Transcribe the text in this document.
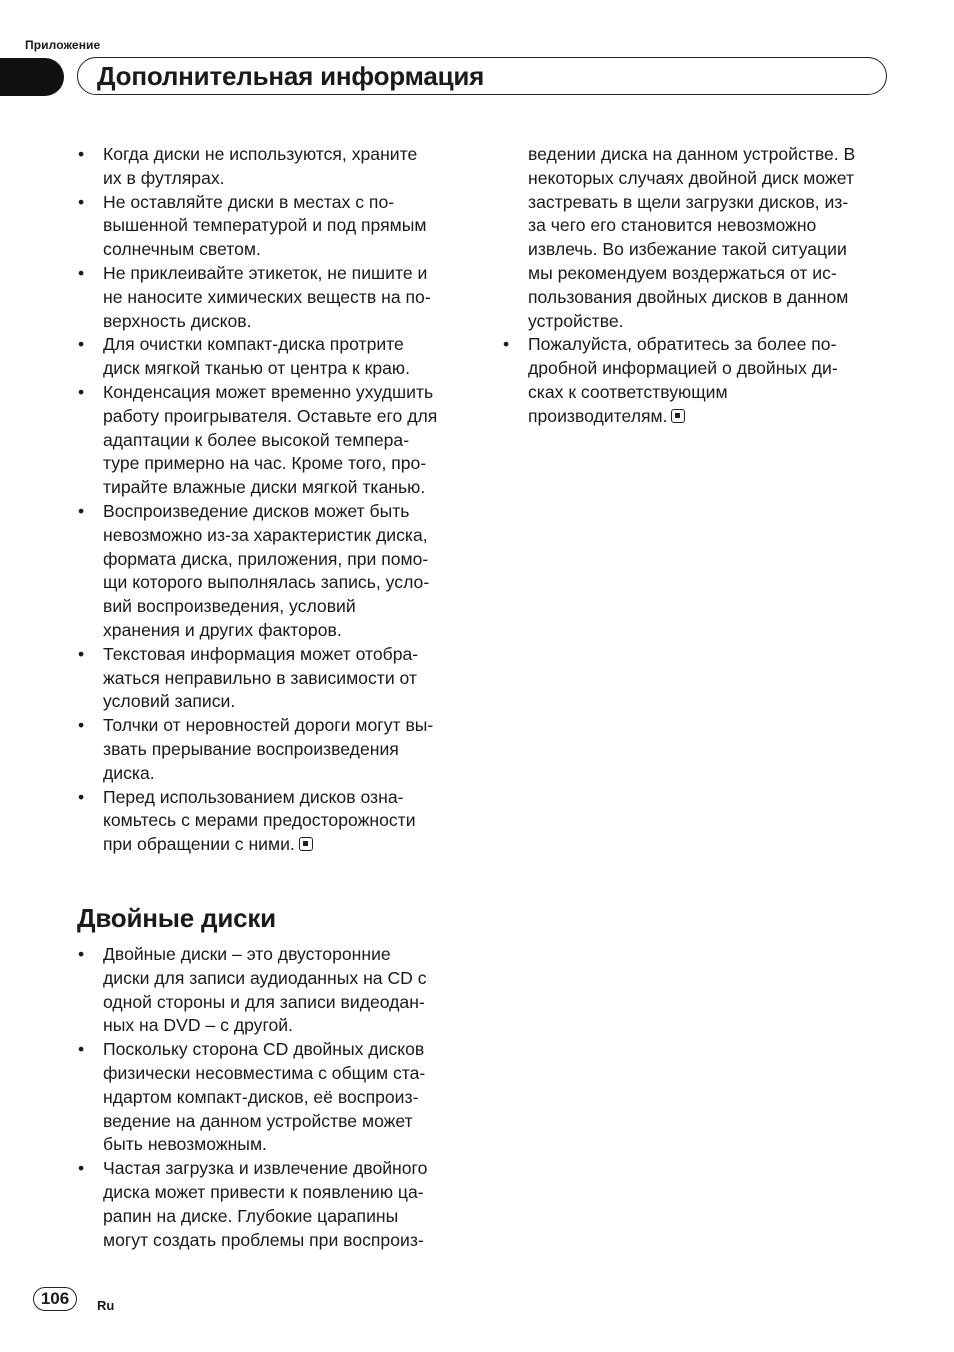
Приложение
Дополнительная информация
• Когда диски не используются, храните
их в футлярах.
• Не оставляйте диски в местах с по-
вышенной температурой и под прямым
солнечным светом.
• Не приклеивайте этикеток, не пишите и
не наносите химических веществ на по-
верхность дисков.
• Для очистки компакт-диска протрите
диск мягкой тканью от центра к краю.
• Конденсация может временно ухудшить
работу проигрывателя. Оставьте его для
адаптации к более высокой темпера-
туре примерно на час. Кроме того, про-
тирайте влажные диски мягкой тканью.
• Воспроизведение дисков может быть
невозможно из-за характеристик диска,
формата диска, приложения, при помо-
щи которого выполнялась запись, усло-
вий воспроизведения, условий
хранения и других факторов.
• Текстовая информация может отобра-
жаться неправильно в зависимости от
условий записи.
• Толчки от неровностей дороги могут вы-
звать прерывание воспроизведения
диска.
• Перед использованием дисков озна-
комьтесь с мерами предосторожности
при обращении с ними.
Двойные диски
• Двойные диски – это двусторонние
диски для записи аудиоданных на CD с
одной стороны и для записи видеодан-
ных на DVD – с другой.
• Поскольку сторона CD двойных дисков
физически несовместима с общим ста-
ндартом компакт-дисков, её воспроиз-
ведение на данном устройстве может
быть невозможным.
• Частая загрузка и извлечение двойного
диска может привести к появлению ца-
рапин на диске. Глубокие царапины
могут создать проблемы при воспроиз-
ведении диска на данном устройстве. В
некоторых случаях двойной диск может
застревать в щели загрузки дисков, из-
за чего его становится невозможно
извлечь. Во избежание такой ситуации
мы рекомендуем воздержаться от ис-
пользования двойных дисков в данном
устройстве.
• Пожалуйста, обратитесь за более по-
дробной информацией о двойных ди-
сках к соответствующим
производителям.
106	Ru
